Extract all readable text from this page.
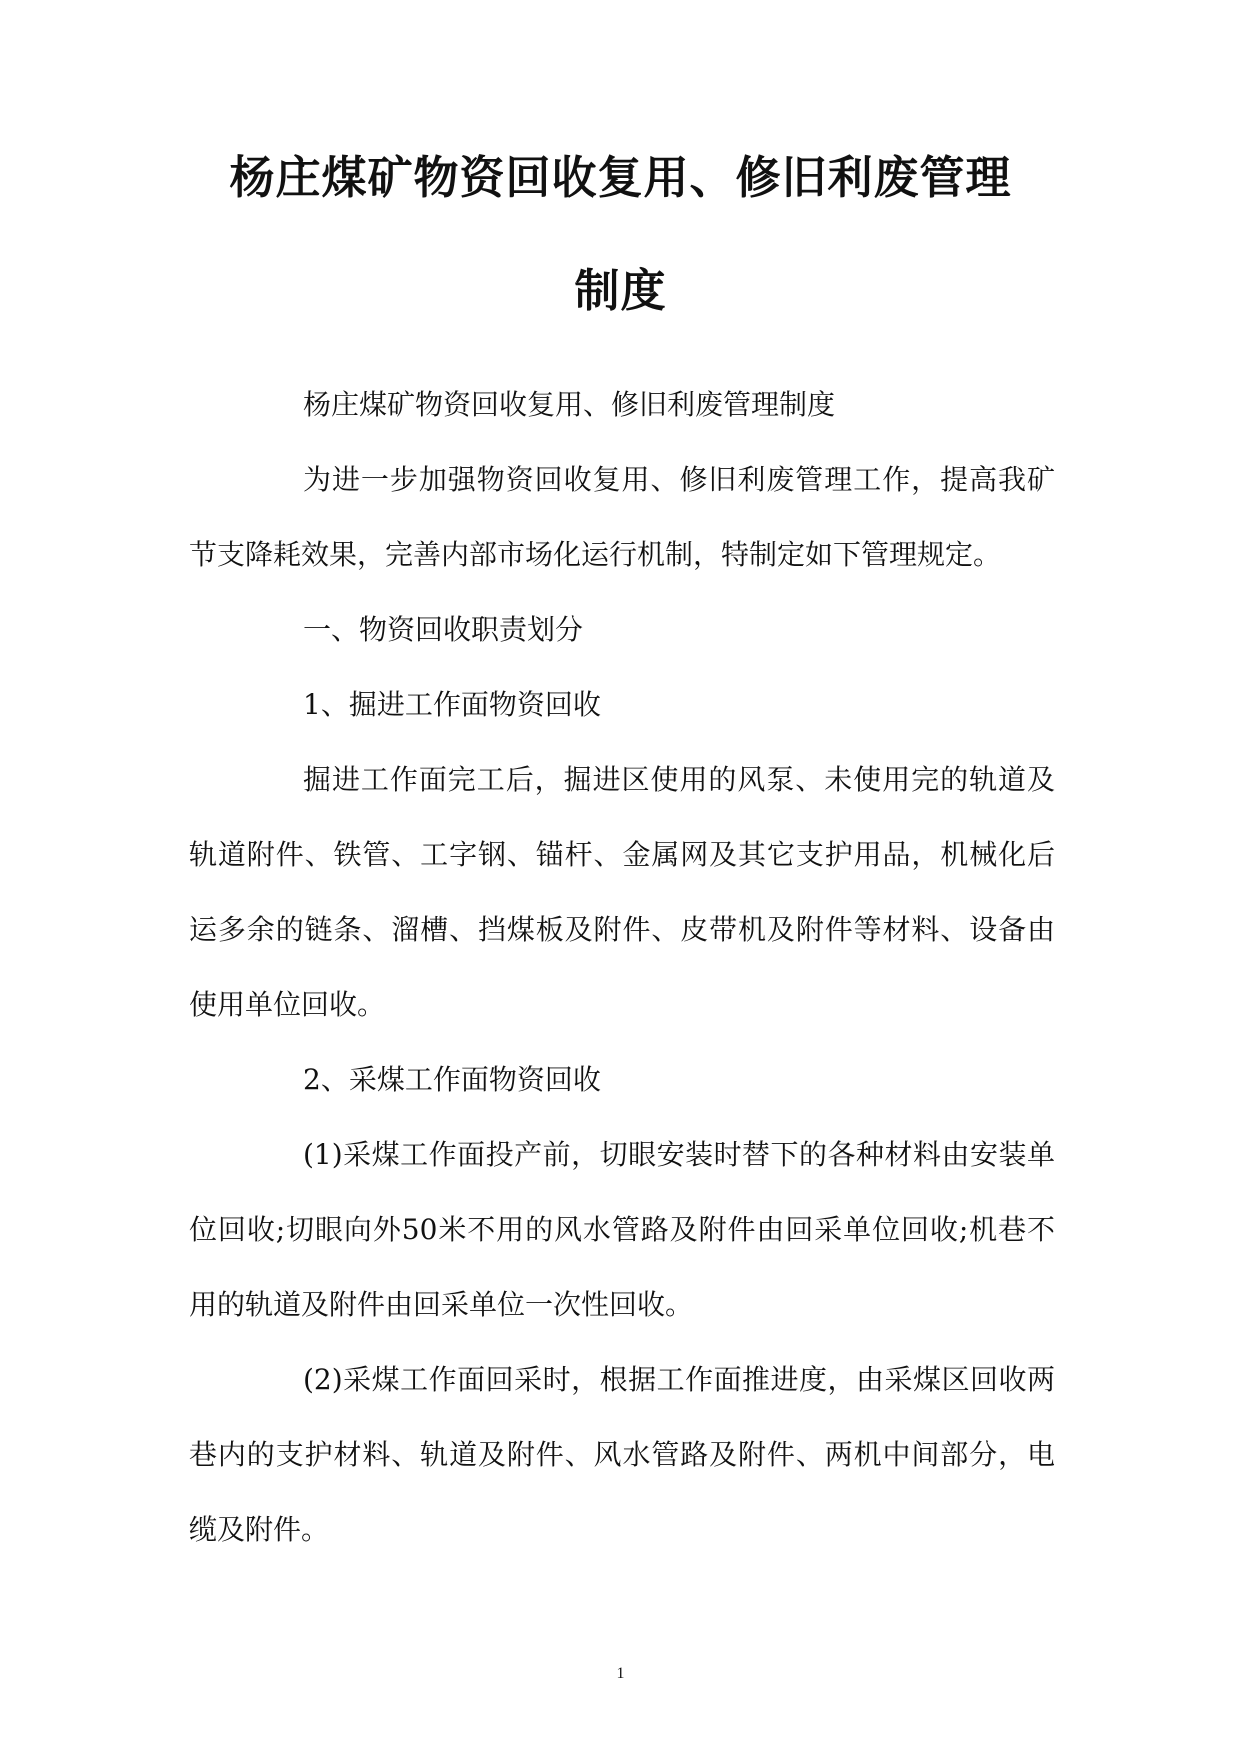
杨庄煤矿物资回收复用、修旧利废管理
制度

杨庄煤矿物资回收复用、修旧利废管理制度

为进一步加强物资回收复用、修旧利废管理工作，提高我矿节支降耗效果，完善内部市场化运行机制，特制定如下管理规定。

一、物资回收职责划分

1、掘进工作面物资回收

掘进工作面完工后，掘进区使用的风泵、未使用完的轨道及轨道附件、铁管、工字钢、锚杆、金属网及其它支护用品，机械化后运多余的链条、溜槽、挡煤板及附件、皮带机及附件等材料、设备由使用单位回收。

2、采煤工作面物资回收

(1)采煤工作面投产前，切眼安装时替下的各种材料由安装单位回收;切眼向外50米不用的风水管路及附件由回采单位回收;机巷不用的轨道及附件由回采单位一次性回收。

(2)采煤工作面回采时，根据工作面推进度，由采煤区回收两巷内的支护材料、轨道及附件、风水管路及附件、两机中间部分，电缆及附件。

1
